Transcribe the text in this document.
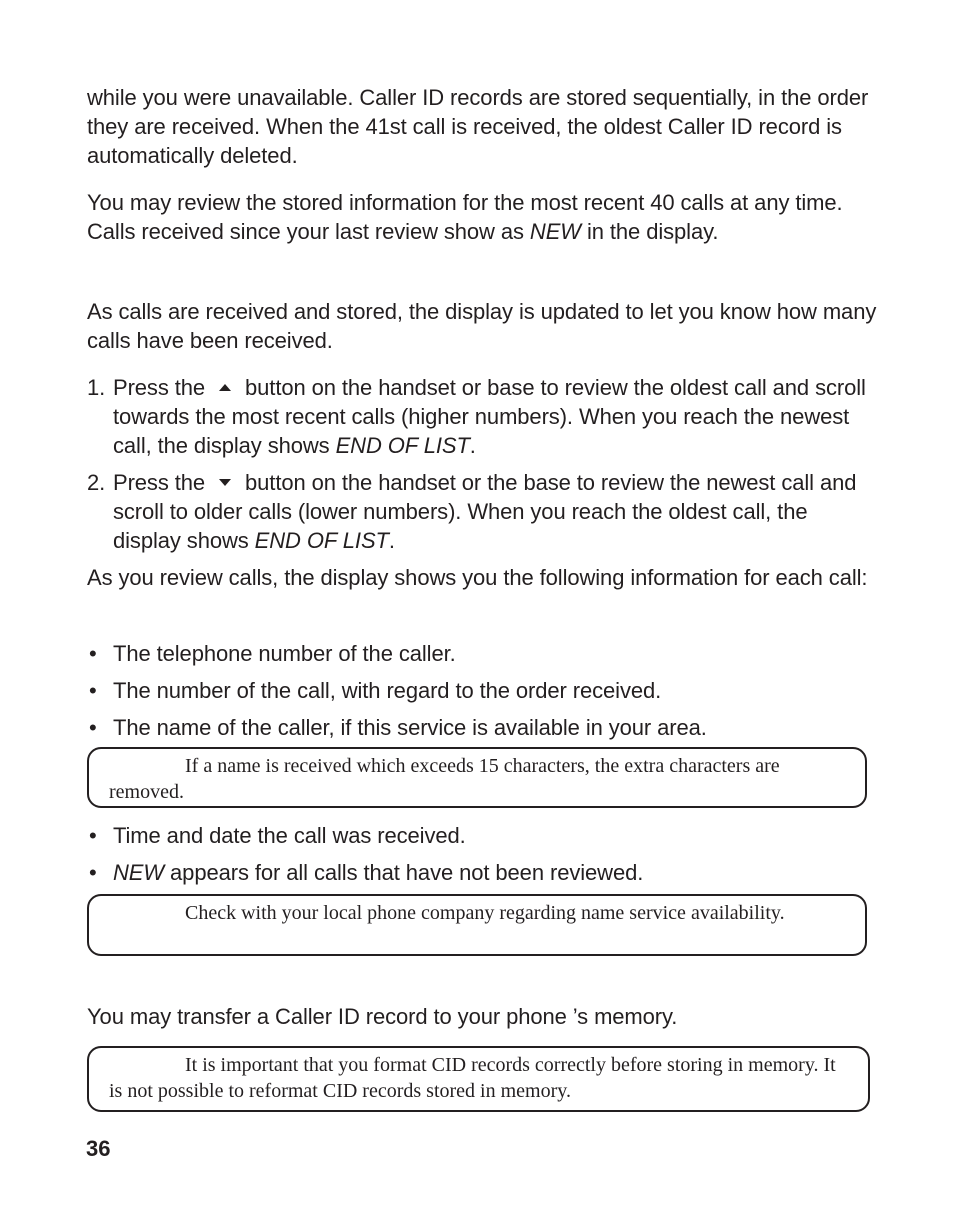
while you were unavailable. Caller ID records are stored sequentially, in the order they are received. When the 41st call is received, the oldest Caller ID record is automatically deleted.

You may review the stored information for the most recent 40 calls at any time. Calls received since your last review show as NEW in the display.

As calls are received and stored, the display is updated to let you know how many calls have been received.

1. Press the button on the handset or base to review the oldest call and scroll towards the most recent calls (higher numbers). When you reach the newest call, the display shows END OF LIST.
2. Press the button on the handset or the base to review the newest call and scroll to older calls (lower numbers). When you reach the oldest call, the display shows END OF LIST.

As you review calls, the display shows you the following information for each call:

• The telephone number of the caller.
• The number of the call, with regard to the order received.
• The name of the caller, if this service is available in your area.
If a name is received which exceeds 15 characters, the extra characters are removed.
• Time and date the call was received.
• NEW appears for all calls that have not been reviewed.
Check with your local phone company regarding name service availability.

You may transfer a Caller ID record to your phone ’s memory.

It is important that you format CID records correctly before storing in memory. It is not possible to reformat CID records stored in memory.
36
